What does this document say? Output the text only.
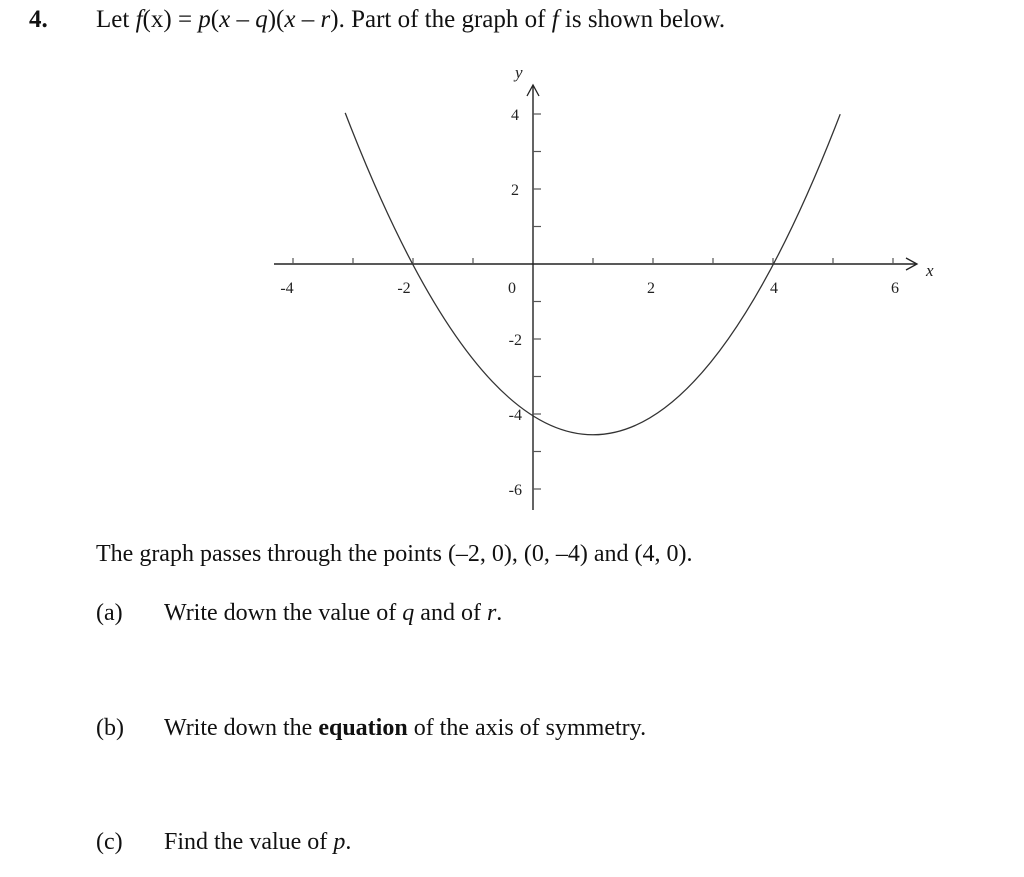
4. Let f(x) = p(x – q)(x – r). Part of the graph of f is shown below.
-4	-2	0	2	4	6
x
4
2
-2
-4
-6
y
The graph passes through the points (–2, 0), (0, –4) and (4, 0).
(a) Write down the value of q and of r.
(b) Write down the equation of the axis of symmetry.
(c) Find the value of p.
